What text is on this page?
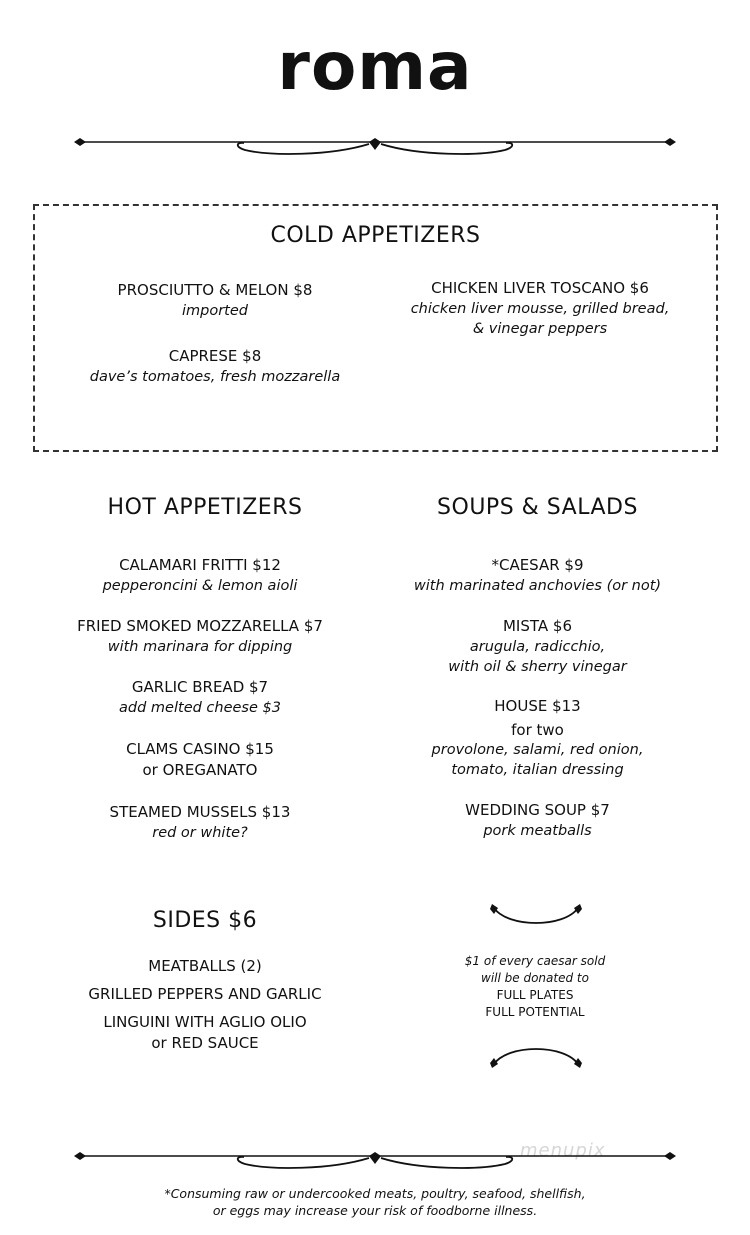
roma
COLD APPETIZERS
PROSCIUTTO & MELON $8
imported
CAPRESE $8
dave’s tomatoes, fresh mozzarella
CHICKEN LIVER TOSCANO $6
chicken liver mousse, grilled bread,
& vinegar peppers
HOT APPETIZERS
CALAMARI FRITTI $12
pepperoncini & lemon aioli
FRIED SMOKED MOZZARELLA $7
with marinara for dipping
GARLIC BREAD $7
add melted cheese $3
CLAMS CASINO $15
or OREGANATO
STEAMED MUSSELS $13
red or white?
SOUPS & SALADS
*CAESAR $9
with marinated anchovies (or not)
MISTA $6
arugula, radicchio,
with oil & sherry vinegar
HOUSE $13
for two
provolone, salami, red onion,
tomato, italian dressing
WEDDING SOUP $7
pork meatballs
SIDES $6
MEATBALLS (2)
GRILLED PEPPERS AND GARLIC
LINGUINI WITH AGLIO OLIO
or RED SAUCE
$1 of every caesar sold
will be donated to
FULL PLATES
FULL POTENTIAL
menupix
*Consuming raw or undercooked meats, poultry, seafood, shellfish,
or eggs may increase your risk of foodborne illness.
